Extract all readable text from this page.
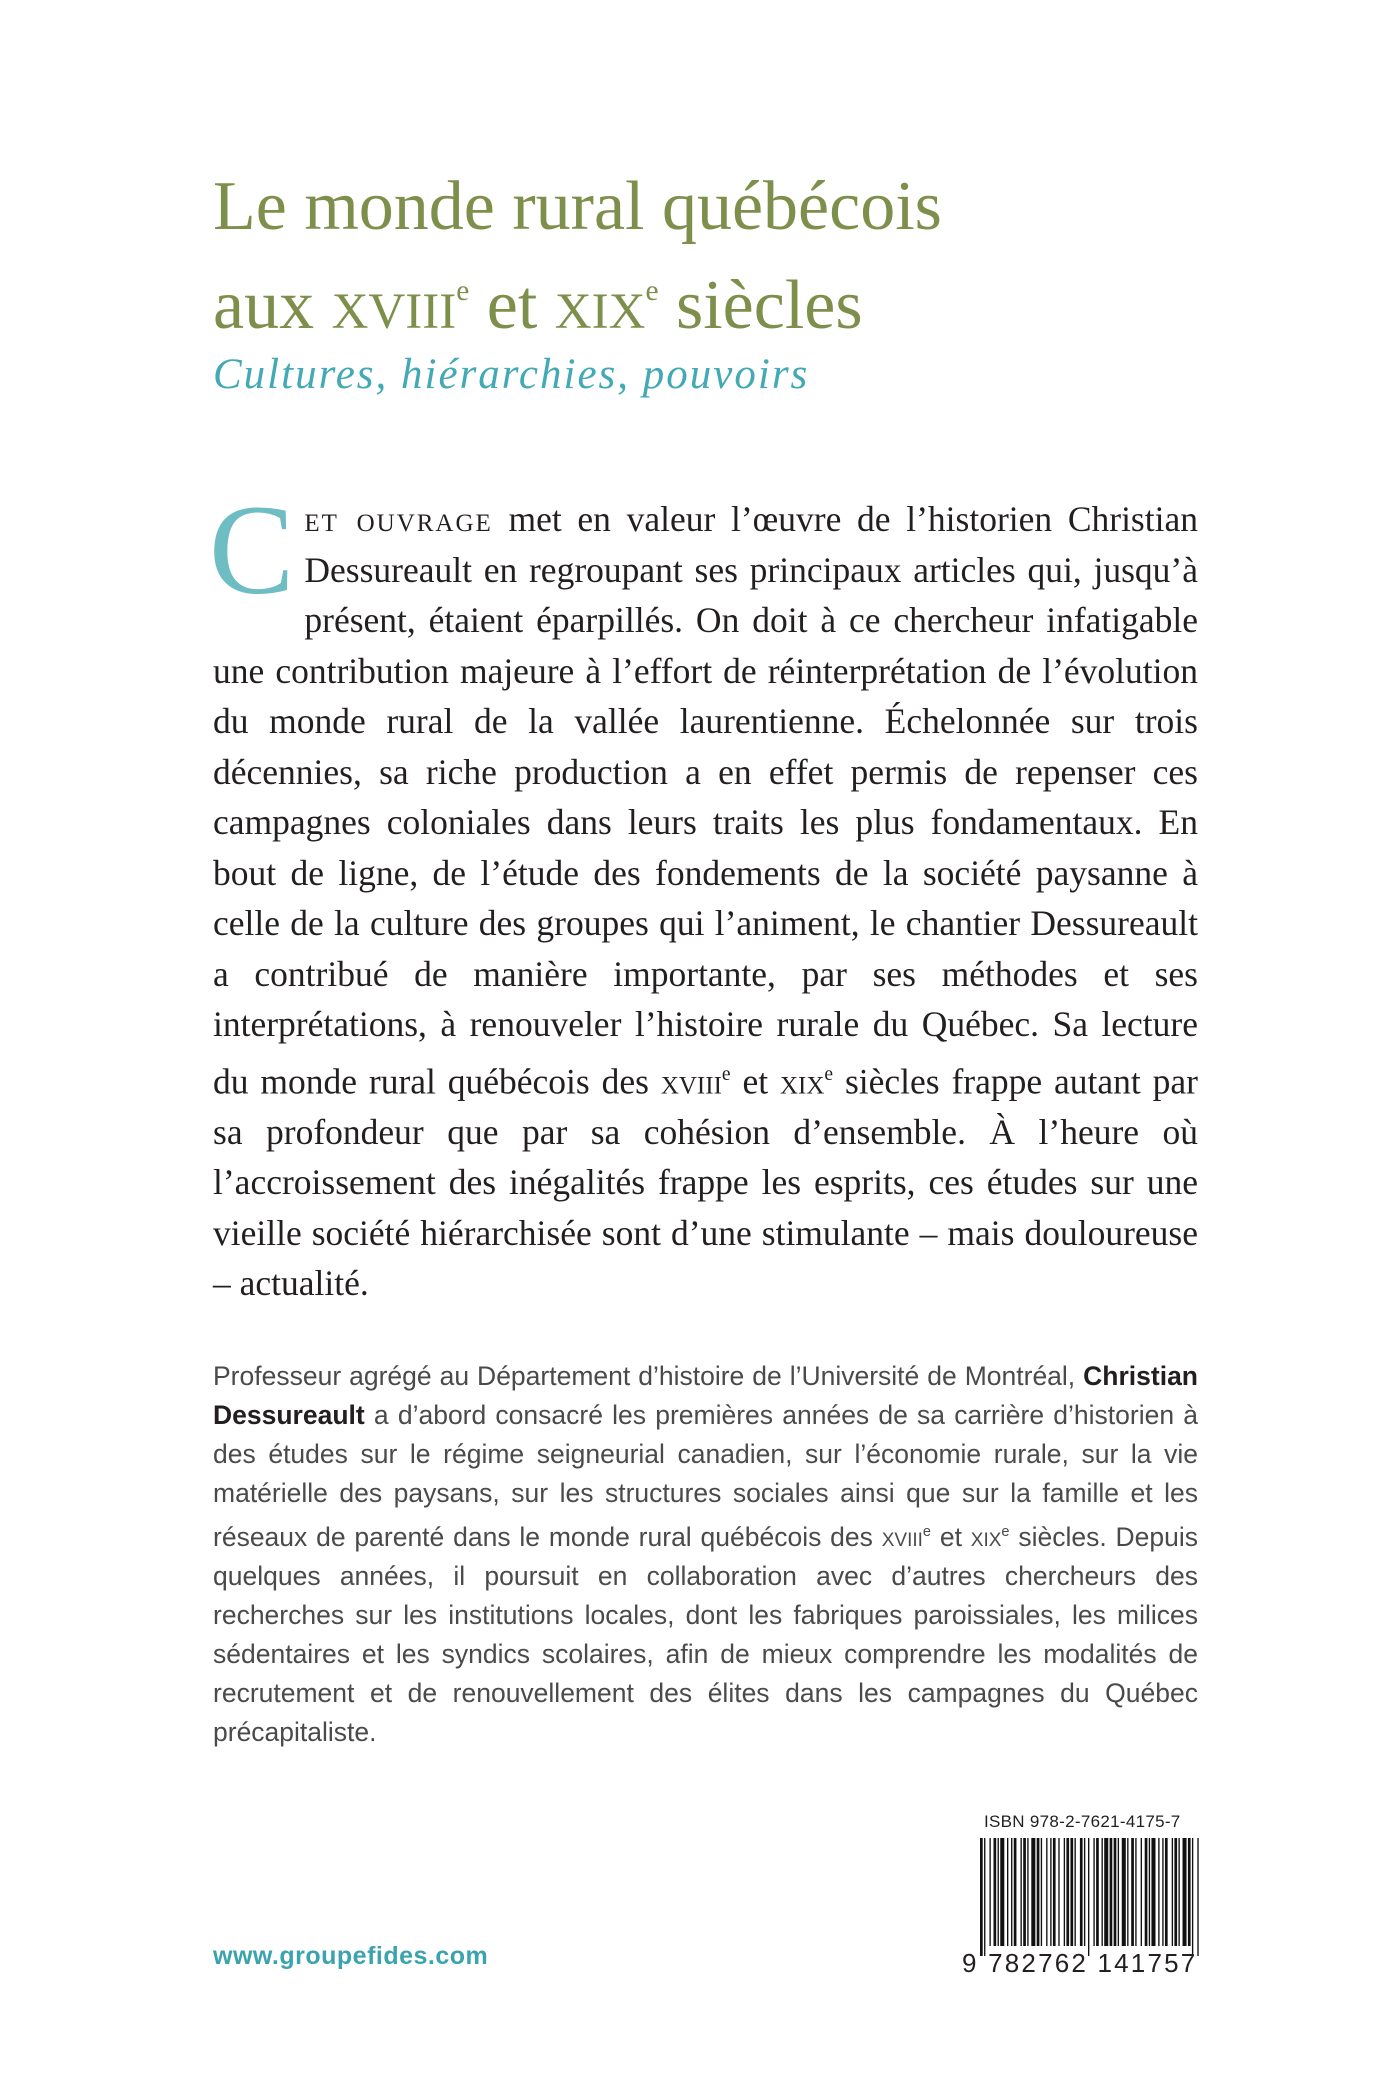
Le monde rural québécois
aux xviii$^e$ et xix$^e$ siècles
Cultures, hiérarchies, pouvoirs

Cet ouvrage met en valeur l’œuvre de l’historien Christian Dessureault en regroupant ses principaux articles qui, jusqu’à présent, étaient éparpillés. On doit à ce chercheur infatigable une contribution majeure à l’effort de réinterprétation de l’évolution du monde rural de la vallée laurentienne. Échelonnée sur trois décennies, sa riche production a en effet permis de repenser ces campagnes coloniales dans leurs traits les plus fondamentaux. En bout de ligne, de l’étude des fondements de la société paysanne à celle de la culture des groupes qui l’animent, le chantier Dessureault a contribué de manière importante, par ses méthodes et ses interprétations, à renouveler l’histoire rurale du Québec. Sa lecture du monde rural québécois des xviii$^e$ et xix$^e$ siècles frappe autant par sa profondeur que par sa cohésion d’ensemble. À l’heure où l’accroissement des inégalités frappe les esprits, ces études sur une vieille société hiérarchisée sont d’une stimulante – mais douloureuse – actualité.

Professeur agrégé au Département d’histoire de l’Université de Montréal, Christian Dessureault a d’abord consacré les premières années de sa carrière d’historien à des études sur le régime seigneurial canadien, sur l’économie rurale, sur la vie matérielle des paysans, sur les structures sociales ainsi que sur la famille et les réseaux de parenté dans le monde rural québécois des xviii$^e$ et xix$^e$ siècles. Depuis quelques années, il poursuit en collaboration avec d’autres chercheurs des recherches sur les institutions locales, dont les fabriques paroissiales, les milices sédentaires et les syndics scolaires, afin de mieux comprendre les modalités de recrutement et de renouvellement des élites dans les campagnes du Québec précapitaliste.

ISBN 978-2-7621-4175-7
9 782762 141757
www.groupefides.com
